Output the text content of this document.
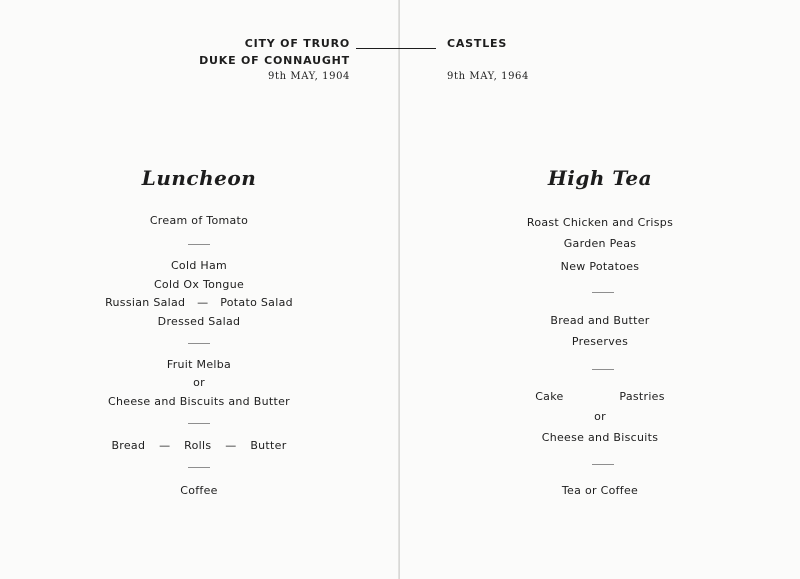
CITY OF TRURO
DUKE OF CONNAUGHT
9th MAY, 1904
Luncheon
Cream of Tomato
Cold Ham
Cold Ox Tongue
Russian Salad — Potato Salad
Dressed Salad
Fruit Melba
or
Cheese and Biscuits and Butter
Bread — Rolls — Butter
Coffee
CASTLES
9th MAY, 1964
High Tea
Roast Chicken and Crisps
Garden Peas
New Potatoes
Bread and Butter
Preserves
Cake	Pastries
or
Cheese and Biscuits
Tea or Coffee
